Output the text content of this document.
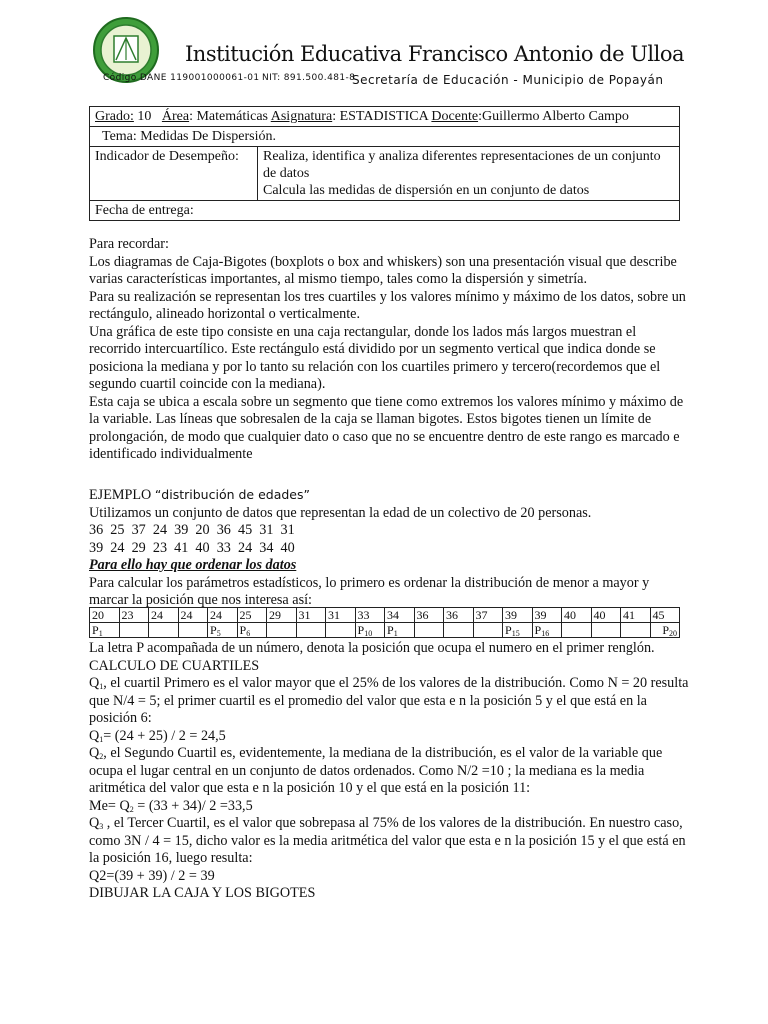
Institución Educativa Francisco Antonio de Ulloa
Código DANE 119001000061-01 NIT: 891.500.481-8
Secretaría de Educación - Municipio de Popayán
Grado: 10 Área: Matemáticas Asignatura: ESTADISTICA Docente:Guillermo Alberto Campo
Tema: Medidas De Dispersión.
Indicador de Desempeño:	Realiza, identifica y analiza diferentes representaciones de un conjunto de datos
Calcula las medidas de dispersión en un conjunto de datos

Fecha de entrega:

Para recordar:

Los diagramas de Caja-Bigotes (boxplots o box and whiskers) son una presentación visual que describe varias características importantes, al mismo tiempo, tales como la dispersión y simetría.

Para su realización se representan los tres cuartiles y los valores mínimo y máximo de los datos, sobre un rectángulo, alineado horizontal o verticalmente.

Una gráfica de este tipo consiste en una caja rectangular, donde los lados más largos muestran el recorrido intercuartílico. Este rectángulo está dividido por un segmento vertical que indica donde se posiciona la mediana y por lo tanto su relación con los cuartiles primero y tercero(recordemos que el segundo cuartil coincide con la mediana).

Esta caja se ubica a escala sobre un segmento que tiene como extremos los valores mínimo y máximo de la variable. Las líneas que sobresalen de la caja se llaman bigotes. Estos bigotes tienen un límite de prolongación, de modo que cualquier dato o caso que no se encuentre dentro de este rango es marcado e identificado individualmente

EJEMPLO “distribución de edades”

Utilizamos un conjunto de datos que representan la edad de un colectivo de 20 personas.

36  25  37  24  39  20  36  45  31  31

39  24  29  23  41  40  33  24  34  40

Para ello hay que ordenar los datos

Para calcular los parámetros estadísticos, lo primero es ordenar la distribución de menor a mayor y marcar la posición que nos interesa así:

20	23	24	24	24	25	29	31	31	33	34	36	36	37	39	39	40	40	41	45
$P_1$				$P_5$	$P_6$				$P_{10}$	$P_1$				$P_{15}$	$P_{16}$				$P_{20}$

La letra P acompañada de un número, denota la posición que ocupa el numero en el primer renglón.

CALCULO DE CUARTILES

$Q_1$, el cuartil Primero es el valor mayor que el 25% de los valores de la distribución. Como N = 20 resulta que N/4 = 5; el primer cuartil es el promedio del valor que esta e n la posición 5 y el que está en la posición 6:

$Q_1= (24 + 25) / 2 = 24,5$

$Q_2$, el Segundo Cuartil es, evidentemente, la mediana de la distribución, es el valor de la variable que ocupa el lugar central en un conjunto de datos ordenados. Como N/2 =10 ; la mediana es la media aritmética del valor que esta e n la posición 10 y el que está en la posición 11:

$Me= Q_2 = (33 + 34)/$ 2 =33,5

$Q_3$ , el Tercer Cuartil, es el valor que sobrepasa al 75% de los valores de la distribución. En nuestro caso, como 3N / 4 = 15, dicho valor es la media aritmética del valor que esta e n la posición 15 y el que está en la posición 16, luego resulta:

Q2=(39 + 39) / 2 = 39

DIBUJAR LA CAJA Y LOS BIGOTES
